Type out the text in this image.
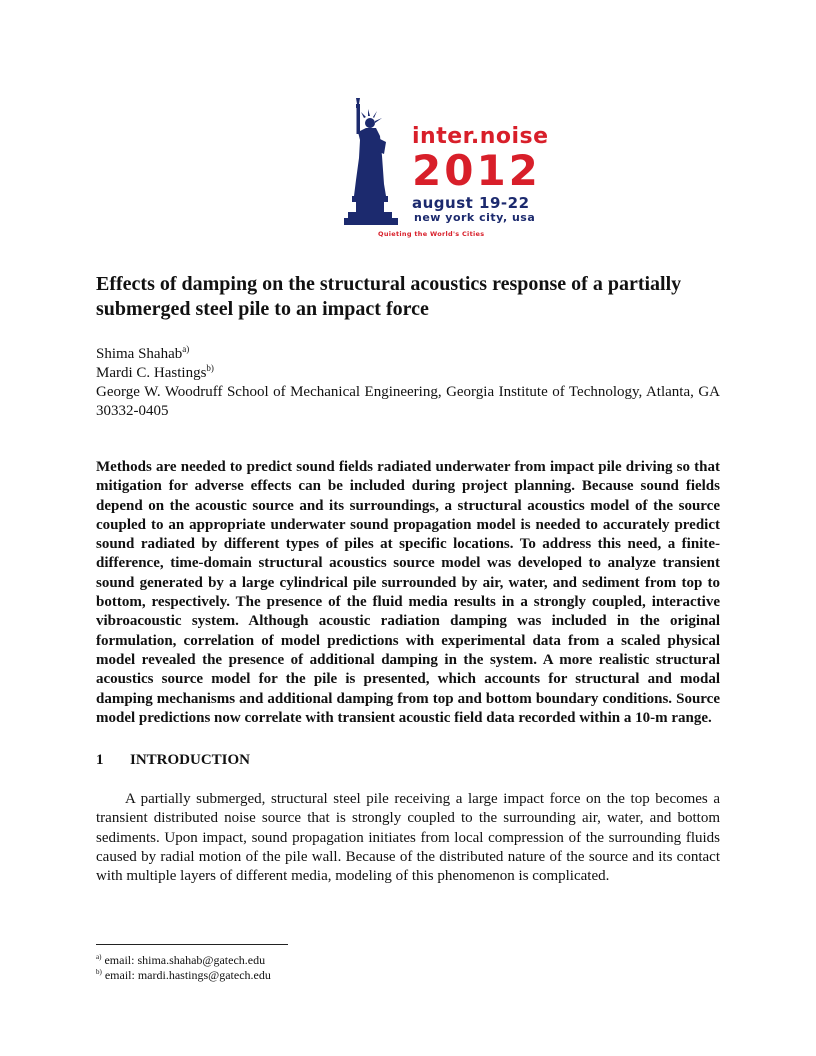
inter.noise
2012
august 19-22
new york city, usa
Quieting the World's Cities
Effects of damping on the structural acoustics response of a partially submerged steel pile to an impact force
Shima Shahab$^{a)}$
Mardi C. Hastings$^{b)}$
George W. Woodruff School of Mechanical Engineering, Georgia Institute of Technology, Atlanta, GA 30332-0405

Methods are needed to predict sound fields radiated underwater from impact pile driving so that mitigation for adverse effects can be included during project planning. Because sound fields depend on the acoustic source and its surroundings, a structural acoustics model of the source coupled to an appropriate underwater sound propagation model is needed to accurately predict sound radiated by different types of piles at specific locations. To address this need, a finite-difference, time-domain structural acoustics source model was developed to analyze transient sound generated by a large cylindrical pile surrounded by air, water, and sediment from top to bottom, respectively. The presence of the fluid media results in a strongly coupled, interactive vibroacoustic system. Although acoustic radiation damping was included in the original formulation, correlation of model predictions with experimental data from a scaled physical model revealed the presence of additional damping in the system. A more realistic structural acoustics source model for the pile is presented, which accounts for structural and modal damping mechanisms and additional damping from top and bottom boundary conditions. Source model predictions now correlate with transient acoustic field data recorded within a 10-m range.

1 INTRODUCTION

A partially submerged, structural steel pile receiving a large impact force on the top becomes a transient distributed noise source that is strongly coupled to the surrounding air, water, and bottom sediments. Upon impact, sound propagation initiates from local compression of the surrounding fluids caused by radial motion of the pile wall. Because of the distributed nature of the source and its contact with multiple layers of different media, modeling of this phenomenon is complicated.

$^{a)}$ email: shima.shahab@gatech.edu
$^{b)}$ email: mardi.hastings@gatech.edu
